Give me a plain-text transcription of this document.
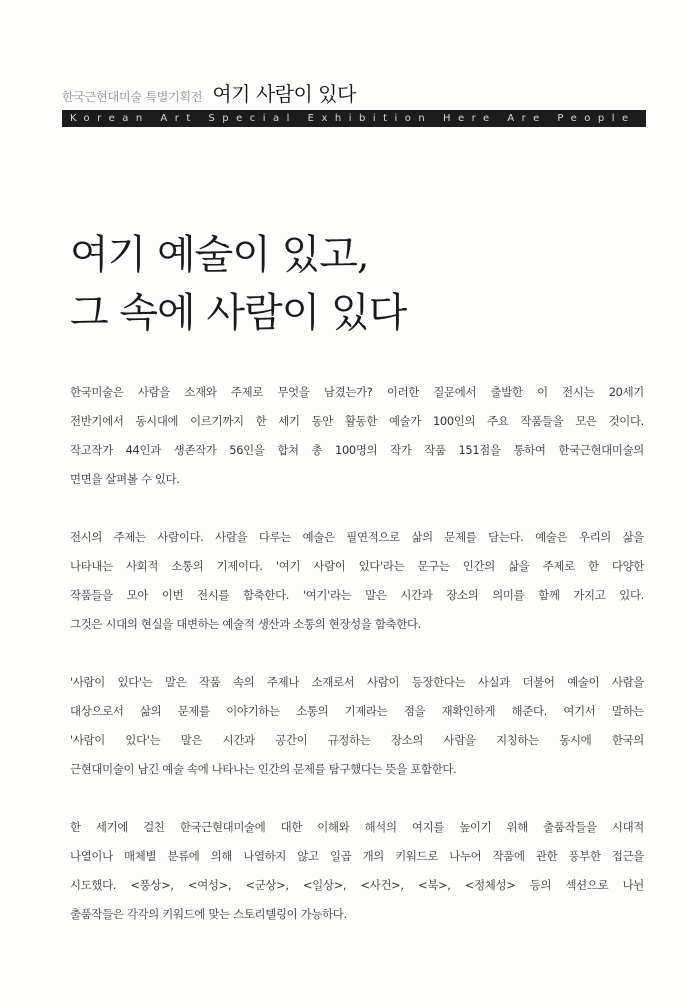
한국근현대미술 특별기획전 여기 사람이 있다
Korean Art Special Exhibition Here Are People
여기 예술이 있고,
그 속에 사람이 있다

한국미술은 사람을 소재와 주제로 무엇을 남겼는가? 이러한 질문에서 출발한 이 전시는 20세기
전반기에서 동시대에 이르기까지 한 세기 동안 활동한 예술가 100인의 주요 작품들을 모은 것이다.
작고작가 44인과 생존작가 56인을 합쳐 총 100명의 작가 작품 151점을 통하여 한국근현대미술의
면면을 살펴볼 수 있다.

전시의 주제는 사람이다. 사람을 다루는 예술은 필연적으로 삶의 문제를 담는다. 예술은 우리의 삶을
나타내는 사회적 소통의 기제이다. '여기 사람이 있다'라는 문구는 인간의 삶을 주제로 한 다양한
작품들을 모아 이번 전시를 함축한다. '여기'라는 말은 시간과 장소의 의미를 함께 가지고 있다.
그것은 시대의 현실을 대변하는 예술적 생산과 소통의 현장성을 함축한다.

'사람이 있다'는 말은 작품 속의 주제나 소재로서 사람이 등장한다는 사실과 더불어 예술이 사람을
대상으로서 삶의 문제를 이야기하는 소통의 기제라는 점을 재확인하게 해준다. 여기서 말하는
'사람이 있다'는 말은 시간과 공간이 규정하는 장소의 사람을 지칭하는 동시에 한국의
근현대미술이 남긴 예술 속에 나타나는 인간의 문제를 탐구했다는 뜻을 포함한다.

한 세기에 걸친 한국근현대미술에 대한 이해와 해석의 여지를 높이기 위해 출품작들을 시대적
나열이나 매체별 분류에 의해 나열하지 않고 일곱 개의 키워드로 나누어 작품에 관한 풍부한 접근을
시도했다. <풍상>, <여성>, <군상>, <일상>, <사건>, <북>, <정체성> 등의 섹션으로 나뉜
출품작들은 각각의 키워드에 맞는 스토리텔링이 가능하다.
